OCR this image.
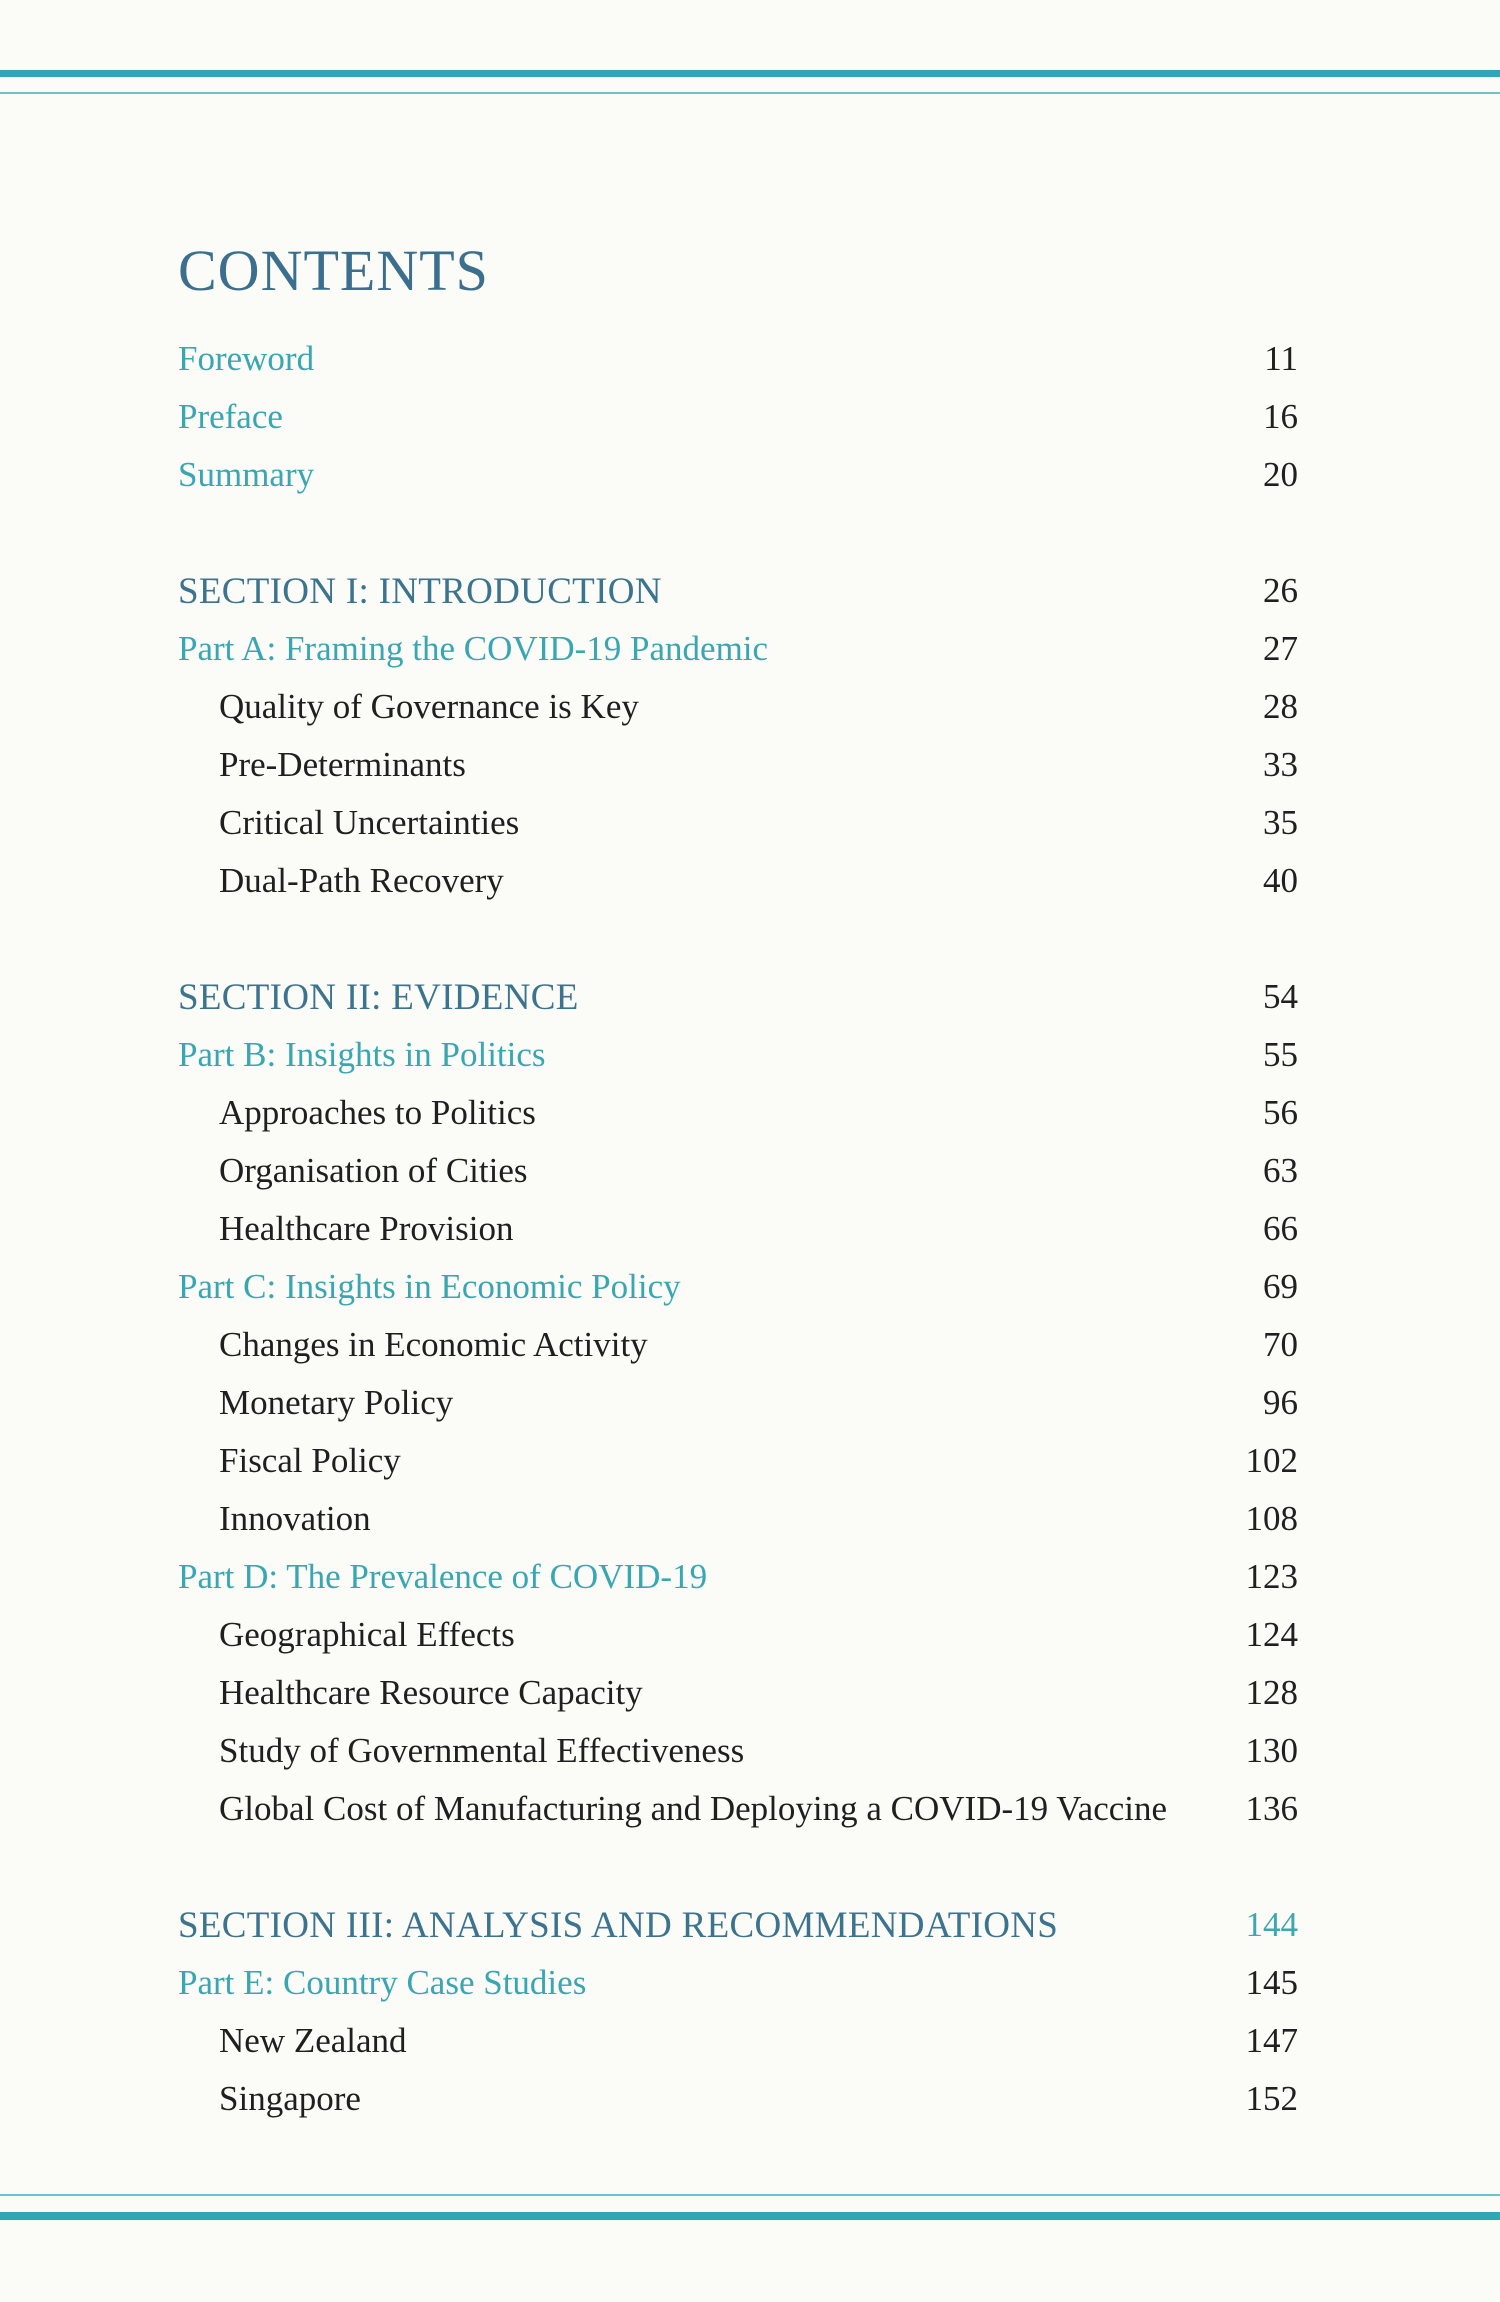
CONTENTS
Foreword	11
Preface	16
Summary	20
SECTION I: INTRODUCTION	26
Part A: Framing the COVID-19 Pandemic	27
Quality of Governance is Key	28
Pre-Determinants	33
Critical Uncertainties	35
Dual-Path Recovery	40
SECTION II: EVIDENCE	54
Part B: Insights in Politics	55
Approaches to Politics	56
Organisation of Cities	63
Healthcare Provision	66
Part C: Insights in Economic Policy	69
Changes in Economic Activity	70
Monetary Policy	96
Fiscal Policy	102
Innovation	108
Part D: The Prevalence of COVID-19	123
Geographical Effects	124
Healthcare Resource Capacity	128
Study of Governmental Effectiveness	130
Global Cost of Manufacturing and Deploying a COVID-19 Vaccine	136
SECTION III: ANALYSIS AND RECOMMENDATIONS	144
Part E: Country Case Studies	145
New Zealand	147
Singapore	152
